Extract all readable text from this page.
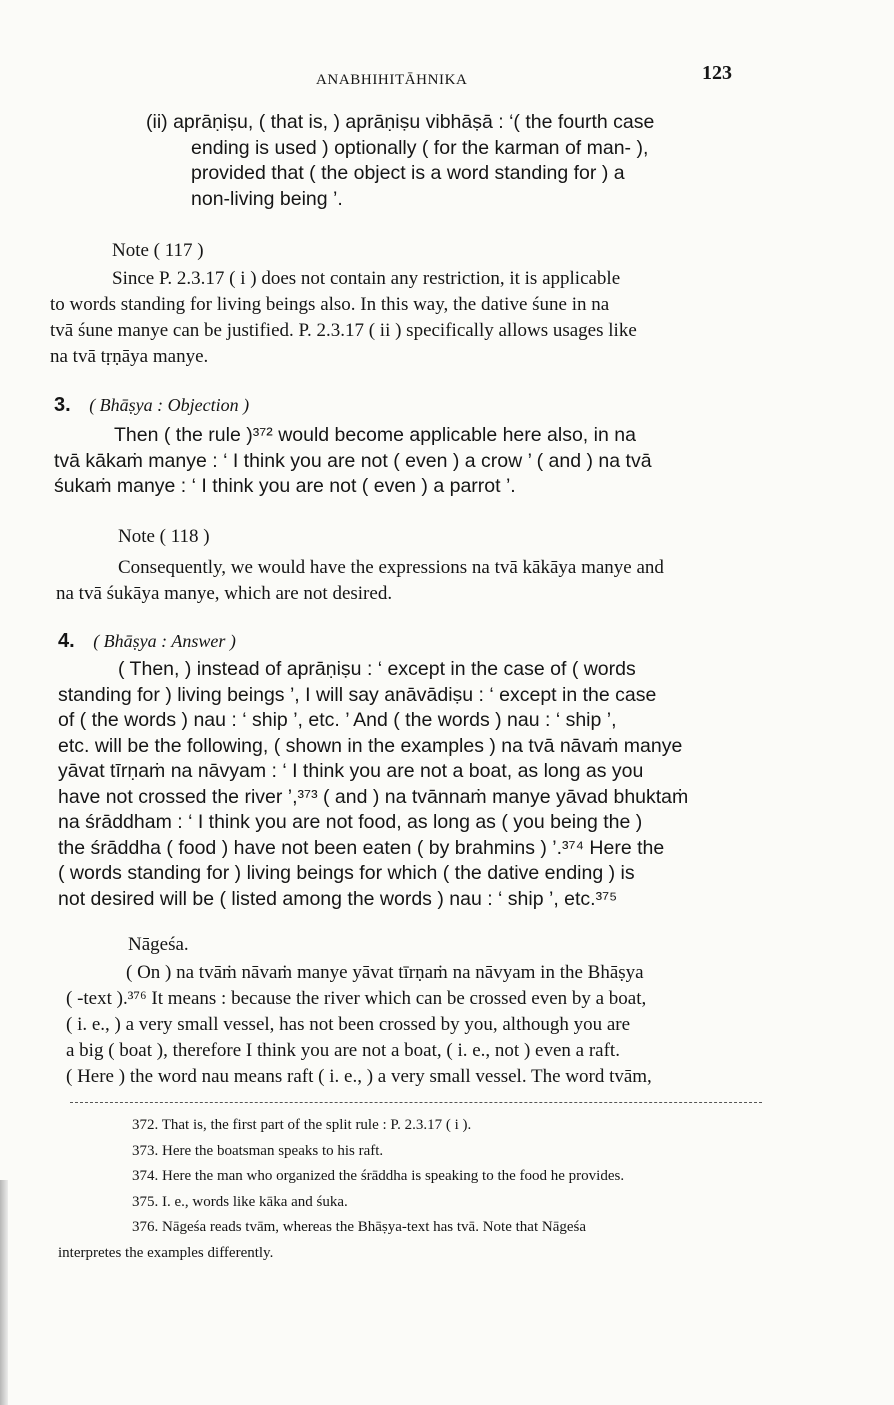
ANABHIHITĀHNIKA	123
(ii) aprāṇiṣu, ( that is, ) aprāṇiṣu vibhāṣā : ‘( the fourth case
ending is used ) optionally ( for the karman of man- ),
provided that ( the object is a word standing for ) a
non-living being ’.
Note ( 117 )
Since P. 2.3.17 ( i ) does not contain any restriction, it is applicable
to words standing for living beings also. In this way, the dative śune in na
tvā śune manye can be justified. P. 2.3.17 ( ii ) specifically allows usages like
na tvā tṛṇāya manye.
3. ( Bhāṣya : Objection )
Then ( the rule )³⁷² would become applicable here also, in na
tvā kākaṁ manye : ‘ I think you are not ( even ) a crow ’ ( and ) na tvā
śukaṁ manye : ‘ I think you are not ( even ) a parrot ’.
Note ( 118 )
Consequently, we would have the expressions na tvā kākāya manye and
na tvā śukāya manye, which are not desired.
4. ( Bhāṣya : Answer )
( Then, ) instead of aprāṇiṣu : ‘ except in the case of ( words
standing for ) living beings ’, I will say anāvādiṣu : ‘ except in the case
of ( the words ) nau : ‘ ship ’, etc. ’ And ( the words ) nau : ‘ ship ’,
etc. will be the following, ( shown in the examples ) na tvā nāvaṁ manye
yāvat tīrṇaṁ na nāvyam : ‘ I think you are not a boat, as long as you
have not crossed the river ’,³⁷³ ( and ) na tvānnaṁ manye yāvad bhuktaṁ
na śrāddham : ‘ I think you are not food, as long as ( you being the )
the śrāddha ( food ) have not been eaten ( by brahmins ) ’.³⁷⁴ Here the
( words standing for ) living beings for which ( the dative ending ) is
not desired will be ( listed among the words ) nau : ‘ ship ’, etc.³⁷⁵
Nāgeśa.
( On ) na tvāṁ nāvaṁ manye yāvat tīrṇaṁ na nāvyam in the Bhāṣya
( -text ).³⁷⁶ It means : because the river which can be crossed even by a boat,
( i. e., ) a very small vessel, has not been crossed by you, although you are
a big ( boat ), therefore I think you are not a boat, ( i. e., not ) even a raft.
( Here ) the word nau means raft ( i. e., ) a very small vessel. The word tvām,
372. That is, the first part of the split rule : P. 2.3.17 ( i ).
373. Here the boatsman speaks to his raft.
374. Here the man who organized the śrāddha is speaking to the food he provides.
375. I. e., words like kāka and śuka.
376. Nāgeśa reads tvām, whereas the Bhāṣya-text has tvā. Note that Nāgeśa
interpretes the examples differently.
